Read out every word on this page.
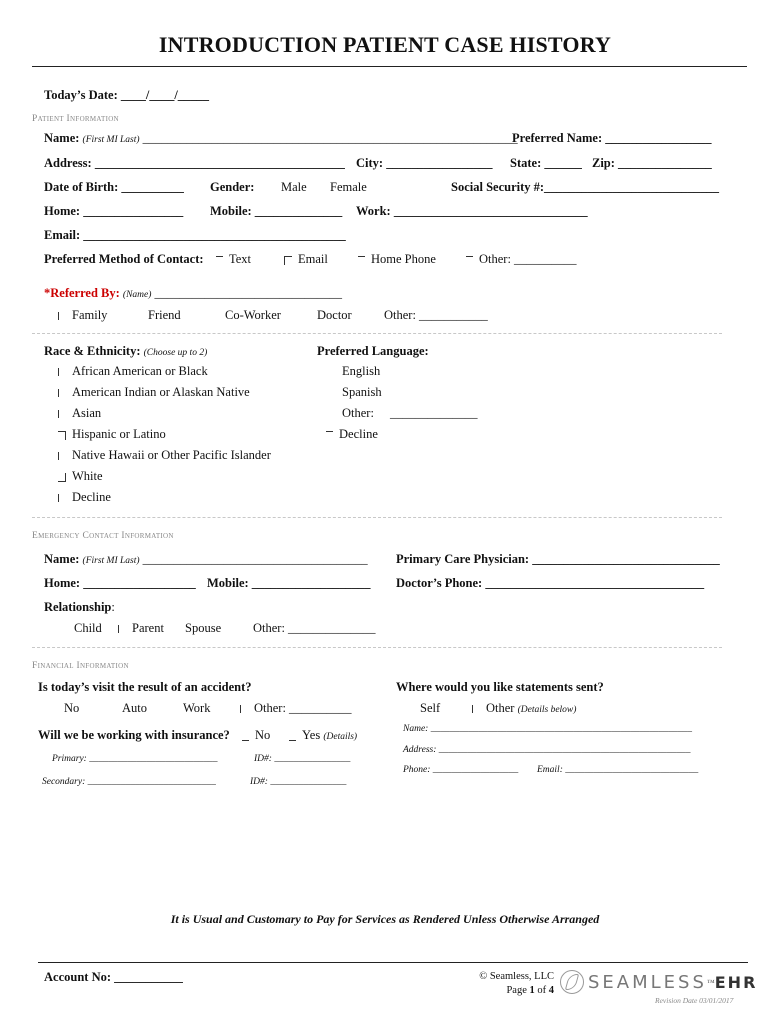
INTRODUCTION PATIENT CASE HISTORY
Today’s Date: ____/____/_____
Patient Information
Name: (First MI Last) ____________________________________________________________
Preferred Name: _________________
Address: ________________________________________ City: _________________ State: ______ Zip: _______________
Date of Birth: __________ Gender: Male Female	Social Security #:____________________________
Home: ________________ Mobile: ______________ Work: _______________________________
Email: __________________________________________
Preferred Method of Contact:	Text	Email	Home Phone	Other: __________
*Referred By: (Name) ______________________________
Family	Friend	Co-Worker	Doctor	Other: ___________
Race & Ethnicity: (Choose up to 2)	Preferred Language:
African American or Black
American Indian or Alaskan Native
Asian
Hispanic or Latino
Native Hawaii or Other Pacific Islander
White
Decline
English
Spanish
Other: ______________
Decline
Emergency Contact Information
Name: (First MI Last) ____________________________________ Primary Care Physician: ______________________________
Home: __________________ Mobile: ___________________ Doctor’s Phone: ___________________________________
Relationship:
Child	Parent Spouse	Other: ______________
Financial Information
Is today’s visit the result of an accident?
No	Auto	Work	Other: __________
Will we be working with insurance?	No	Yes (Details)
Primary: ___________________________	ID#: ________________
Secondary: ___________________________	ID#: ________________
Where would you like statements sent?
Self	Other (Details below)
Name: _______________________________________________________
Address: _____________________________________________________
Phone: __________________ Email: ____________________________
It is Usual and Customary to Pay for Services as Rendered Unless Otherwise Arranged
Account No: ___________	© Seamless, LLC
Page 1 of 4 SEAMLESS ™ EHR
Revision Date 03/01/2017
